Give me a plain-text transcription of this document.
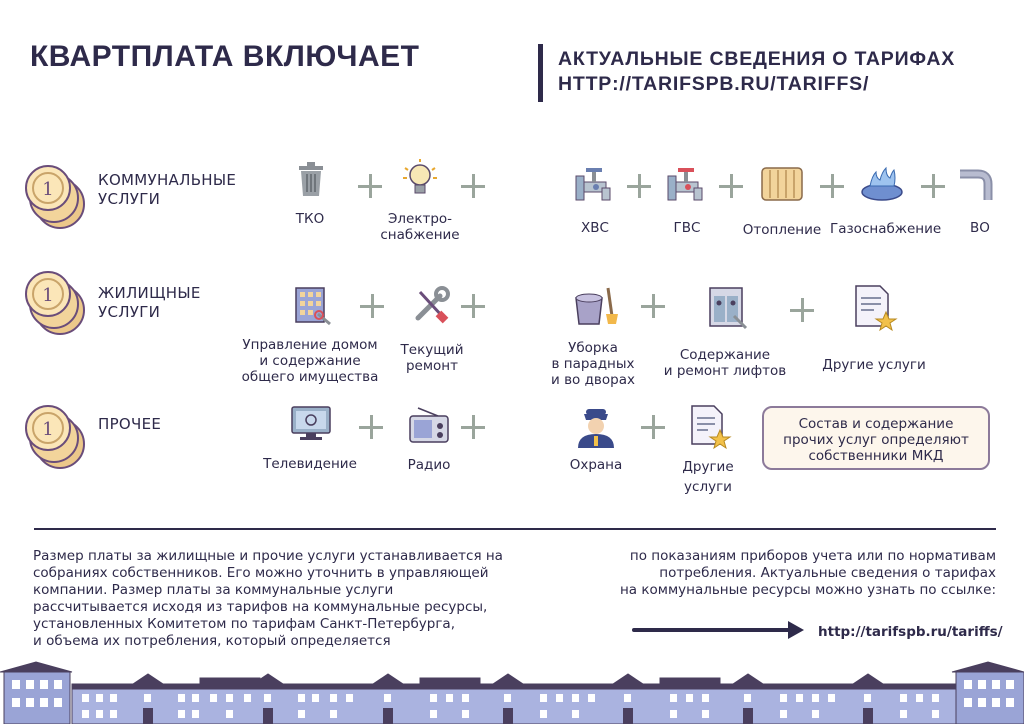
КВАРТПЛАТА ВКЛЮЧАЕТ	АКТУАЛЬНЫЕ СВЕДЕНИЯ О ТАРИФАХ
HTTP://TARIFSPB.RU/TARIFFS/
1
1
1
КОММУНАЛЬНЫЕ
УСЛУГИ
ТКО	Электро-
снабжение	ХВС	ГВС	Отопление Газоснабжение	ВО
ЖИЛИЩНЫЕ
УСЛУГИ
Управление домом
и содержание
общего имущества
Текущий
ремонт
Уборка
в парадных
и во дворах
Содержание
и ремонт лифтов	Другие услуги
ПРОЧЕЕ
Телевидение	Радио	Охрана	Другие
услуги
Состав и содержание
прочих услуг определяют
собственники МКД
Размер платы за жилищные и прочие услуги устанавливается на
собраниях собственников. Его можно уточнить в управляющей
компании. Размер платы за коммунальные услуги
рассчитывается исходя из тарифов на коммунальные ресурсы,
установленных Комитетом по тарифам Санкт-Петербурга,
и объема их потребления, который определяется
по показаниям приборов учета или по нормативам
потребления. Актуальные сведения о тарифах
на коммунальные ресурсы можно узнать по ссылке:
http://tarifspb.ru/tariffs/
